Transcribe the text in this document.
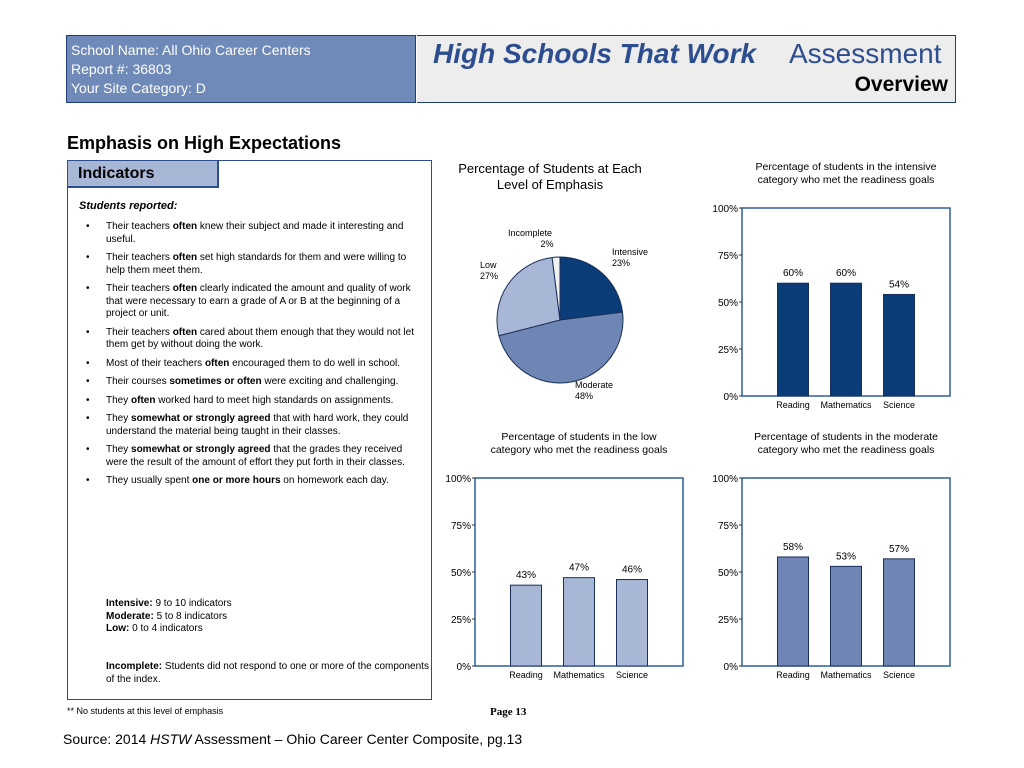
School Name: All Ohio Career Centers
Report #: 36803
Your Site Category: D
High Schools That Work Assessment
Overview
Emphasis on High Expectations
Indicators
Students reported:
• Their teachers often knew their subject and made it interesting and useful.
• Their teachers often set high standards for them and were willing to help them meet them.
• Their teachers often clearly indicated the amount and quality of work that were necessary to earn a grade of A or B at the beginning of a project or unit.
• Their teachers often cared about them enough that they would not let them get by without doing the work.
• Most of their teachers often encouraged them to do well in school.
• Their courses sometimes or often were exciting and challenging.
• They often worked hard to meet high standards on assignments.
• They somewhat or strongly agreed that with hard work, they could understand the material being taught in their classes.
• They somewhat or strongly agreed that the grades they received were the result of the amount of effort they put forth in their classes.
• They usually spent one or more hours on homework each day.
Intensive: 9 to 10 indicators
Moderate: 5 to 8 indicators
Low: 0 to 4 indicators
Incomplete: Students did not respond to one or more of the components of the index.
Percentage of Students at Each
Level of Emphasis
Intensive
23%
Moderate
48%
Low
27%
Incomplete
2%
Percentage of students in the intensive
category who met the readiness goals
0%
25%
50%
75%
100%
60%
Reading
60%
Mathematics
54%
Science
Percentage of students in the low
category who met the readiness goals
0%
25%
50%
75%
100%
43%
Reading
47%
Mathematics
46%
Science
Percentage of students in the moderate
category who met the readiness goals
0%
25%
50%
75%
100%
58%
Reading
53%
Mathematics
57%
Science
** No students at this level of emphasis	Page 13
Source: 2014 HSTW Assessment – Ohio Career Center Composite, pg.13
